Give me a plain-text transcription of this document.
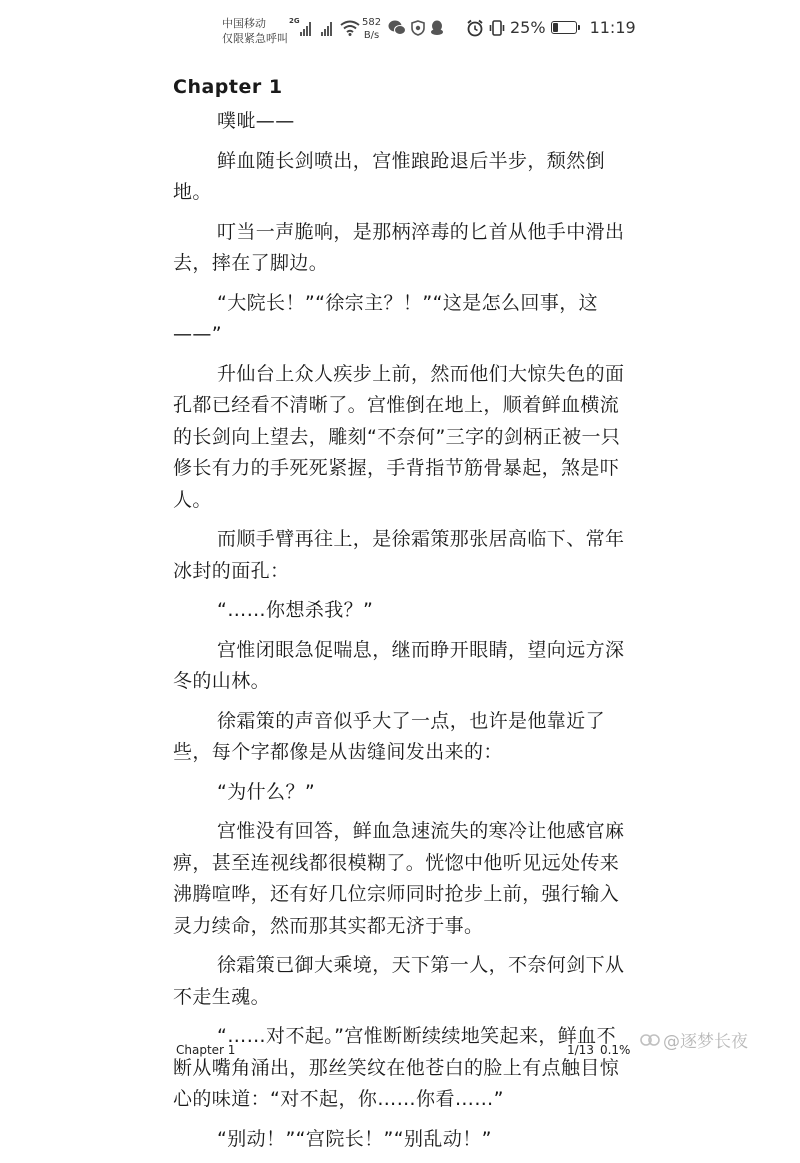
中国移动
仅限紧急呼叫
2G	582
B/s	25%	11:19
Chapter 1

噗呲——

鲜血随长剑喷出，宫惟踉跄退后半步，颓然倒地。

叮当一声脆响，是那柄淬毒的匕首从他手中滑出去，摔在了脚边。

“大院长！”“徐宗主？！”“这是怎么回事，这——”

升仙台上众人疾步上前，然而他们大惊失色的面孔都已经看不清晰了。宫惟倒在地上，顺着鲜血横流的长剑向上望去，雕刻“不奈何”三字的剑柄正被一只修长有力的手死死紧握，手背指节筋骨暴起，煞是吓人。

而顺手臂再往上，是徐霜策那张居高临下、常年冰封的面孔：

“……你想杀我？”

宫惟闭眼急促喘息，继而睁开眼睛，望向远方深冬的山林。

徐霜策的声音似乎大了一点，也许是他靠近了些，每个字都像是从齿缝间发出来的：

“为什么？”

宫惟没有回答，鲜血急速流失的寒冷让他感官麻痹，甚至连视线都很模糊了。恍惚中他听见远处传来沸腾喧哗，还有好几位宗师同时抢步上前，强行输入灵力续命，然而那其实都无济于事。

徐霜策已御大乘境，天下第一人，不奈何剑下从不走生魂。

“……对不起。”宫惟断断续续地笑起来，鲜血不断从嘴角涌出，那丝笑纹在他苍白的脸上有点触目惊心的味道：“对不起，你……你看……”

“别动！”“宫院长！”“别乱动！”

Chapter 1	1/13 0.1% @逐梦长夜
